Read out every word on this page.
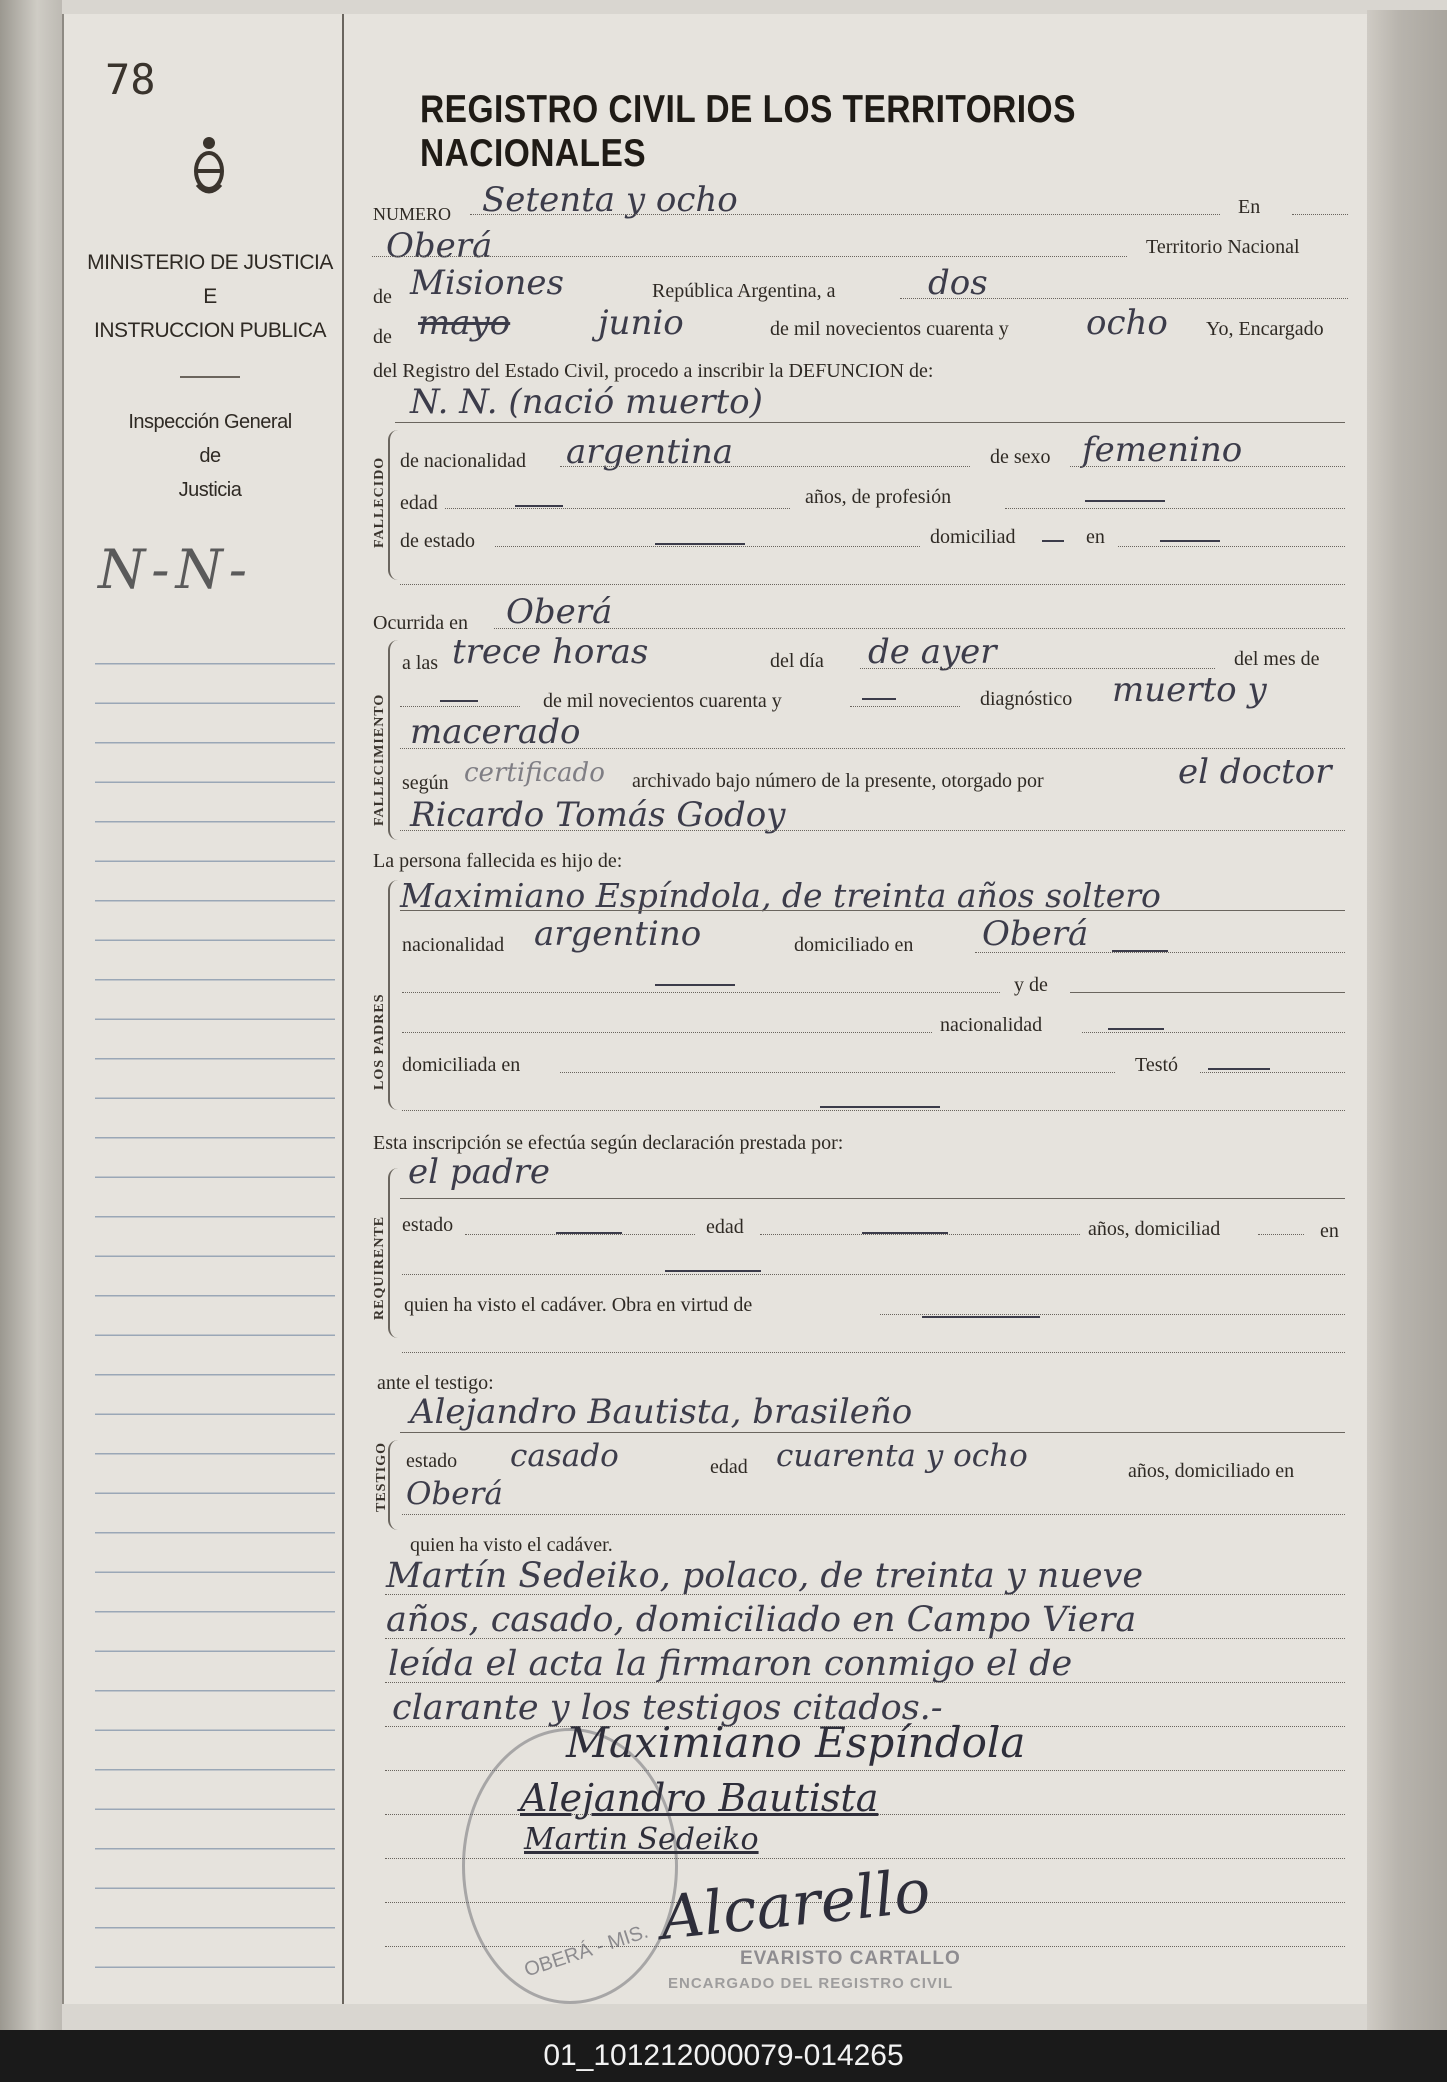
78
MINISTERIO DE JUSTICIA
E
INSTRUCCION PUBLICA
Inspección General
de
Justicia
N-N-
REGISTRO CIVIL DE LOS TERRITORIOS NACIONALES
NUMERO Setenta y ocho	En
Oberá	Territorio Nacional
de Misiones	República Argentina, a	dos
de mayo	junio	de mil novecientos cuarenta y ocho Yo, Encargado
del Registro del Estado Civil, procedo a inscribir la DEFUNCION de:
N. N. (nació muerto)
FALLECIDO de nacionalidad argentina	de sexo femenino
edad	años, de profesión
de estado	domiciliad	en
Ocurrida en Oberá
FALLECIMIENTO
a las trece horas	del día de ayer	del mes de
de mil novecientos cuarenta y	diagnóstico muerto y
macerado
según certificado archivado bajo número de la presente, otorgado por	el doctor
Ricardo Tomás Godoy
La persona fallecida es hijo de:
Maximiano Espíndola, de treinta años soltero
LOS PADRES
nacionalidad argentino	domiciliado en Oberá
y de
nacionalidad
domiciliada en	Testó
Esta inscripción se efectúa según declaración prestada por:
el padre
REQUIRENTE estado	edad	años, domiciliad	en
quien ha visto el cadáver. Obra en virtud de
ante el testigo:
Alejandro Bautista, brasileño
TESTIGO estado casado	edad cuarenta y ocho	años, domiciliado en
Oberá
quien ha visto el cadáver.
Martín Sedeiko, polaco, de treinta y nueve
años, casado, domiciliado en Campo Viera
leída el acta la firmaron conmigo el de
clarante y los testigos citados.-
OBERÁ - MIS.
Maximiano Espíndola
Alejandro Bautista
Martin Sedeiko
Alcarello
EVARISTO CARTALLO
ENCARGADO DEL REGISTRO CIVIL
01_101212000079-014265
